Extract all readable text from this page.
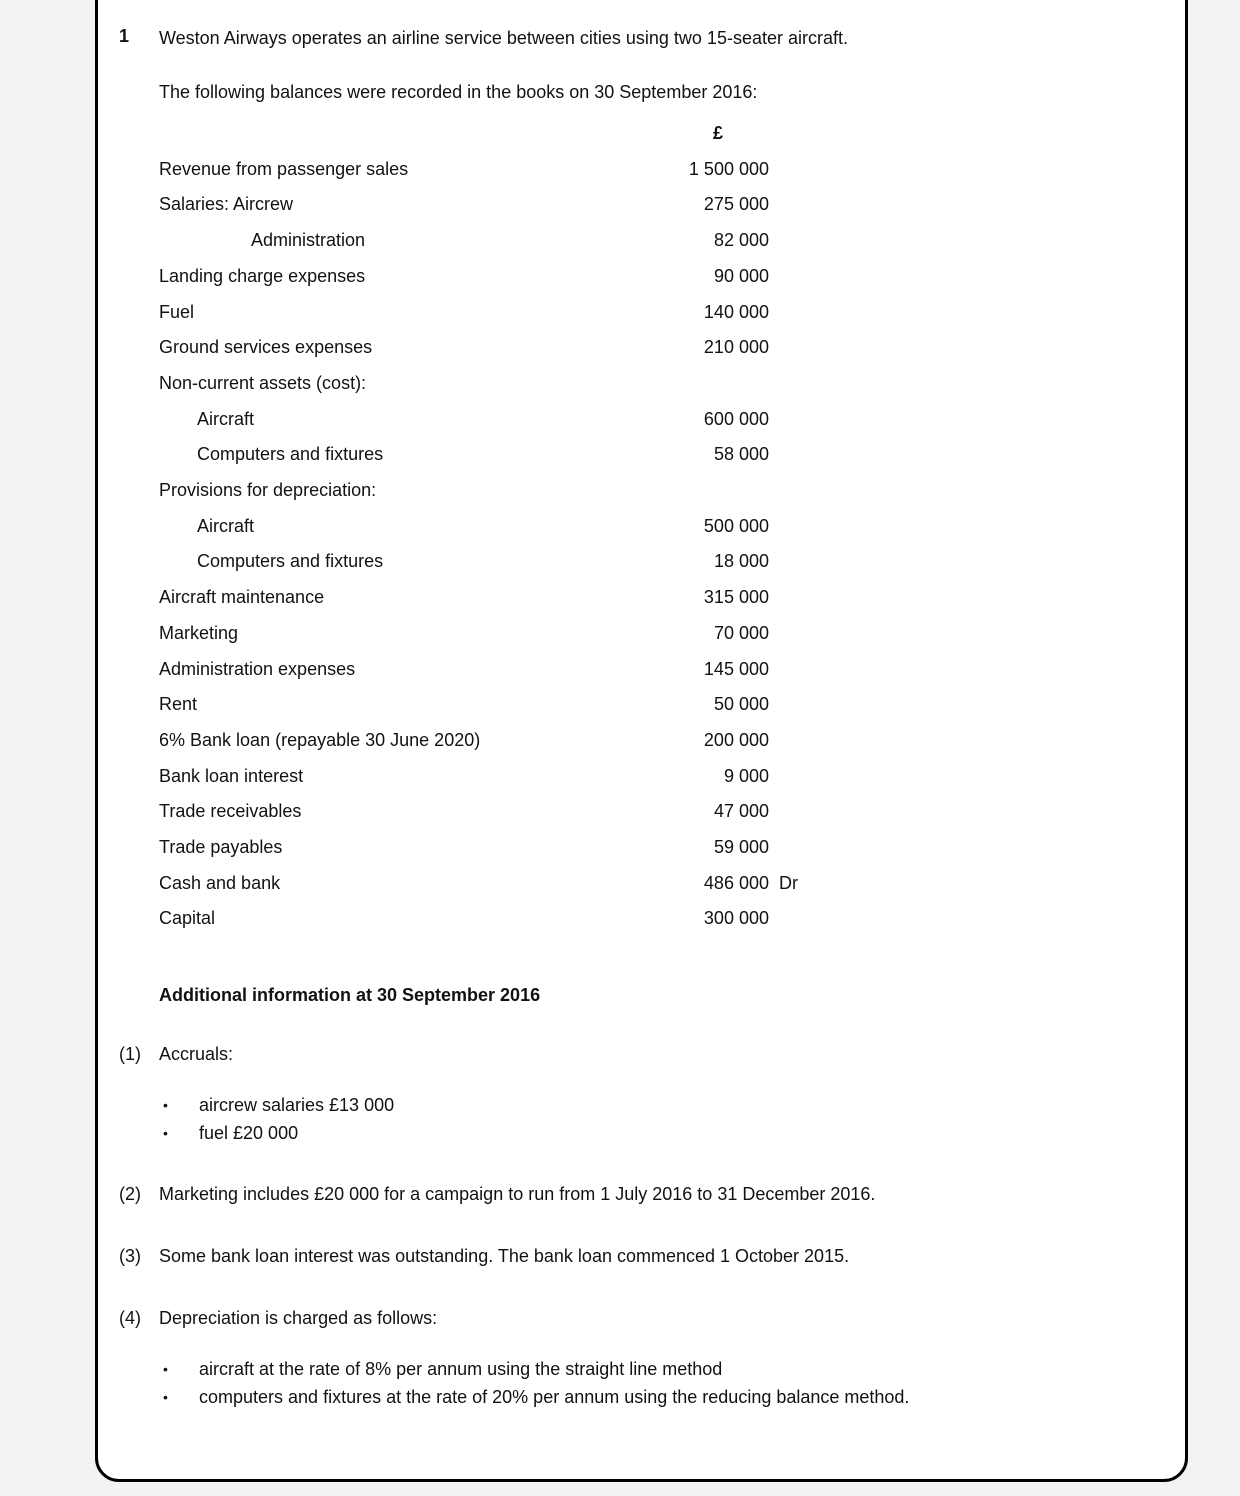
1	Weston Airways operates an airline service between cities using two 15-seater aircraft.
The following balances were recorded in the books on 30 September 2016:
£
Revenue from passenger sales	1 500 000
Salaries: Aircrew	275 000
Administration	82 000
Landing charge expenses	90 000
Fuel	140 000
Ground services expenses	210 000
Non-current assets (cost):
Aircraft	600 000
Computers and fixtures	58 000
Provisions for depreciation:
Aircraft	500 000
Computers and fixtures	18 000
Aircraft maintenance	315 000
Marketing	70 000
Administration expenses	145 000
Rent	50 000
6% Bank loan (repayable 30 June 2020)	200 000
Bank loan interest	9 000
Trade receivables	47 000
Trade payables	59 000
Cash and bank	486 000 Dr
Capital	300 000
Additional information at 30 September 2016
(1)	Accruals:
•	aircrew salaries £13 000
•	fuel £20 000
(2)	Marketing includes £20 000 for a campaign to run from 1 July 2016 to 31 December 2016.
(3)	Some bank loan interest was outstanding. The bank loan commenced 1 October 2015.
(4)	Depreciation is charged as follows:
•	aircraft at the rate of 8% per annum using the straight line method
•	computers and fixtures at the rate of 20% per annum using the reducing balance method.
